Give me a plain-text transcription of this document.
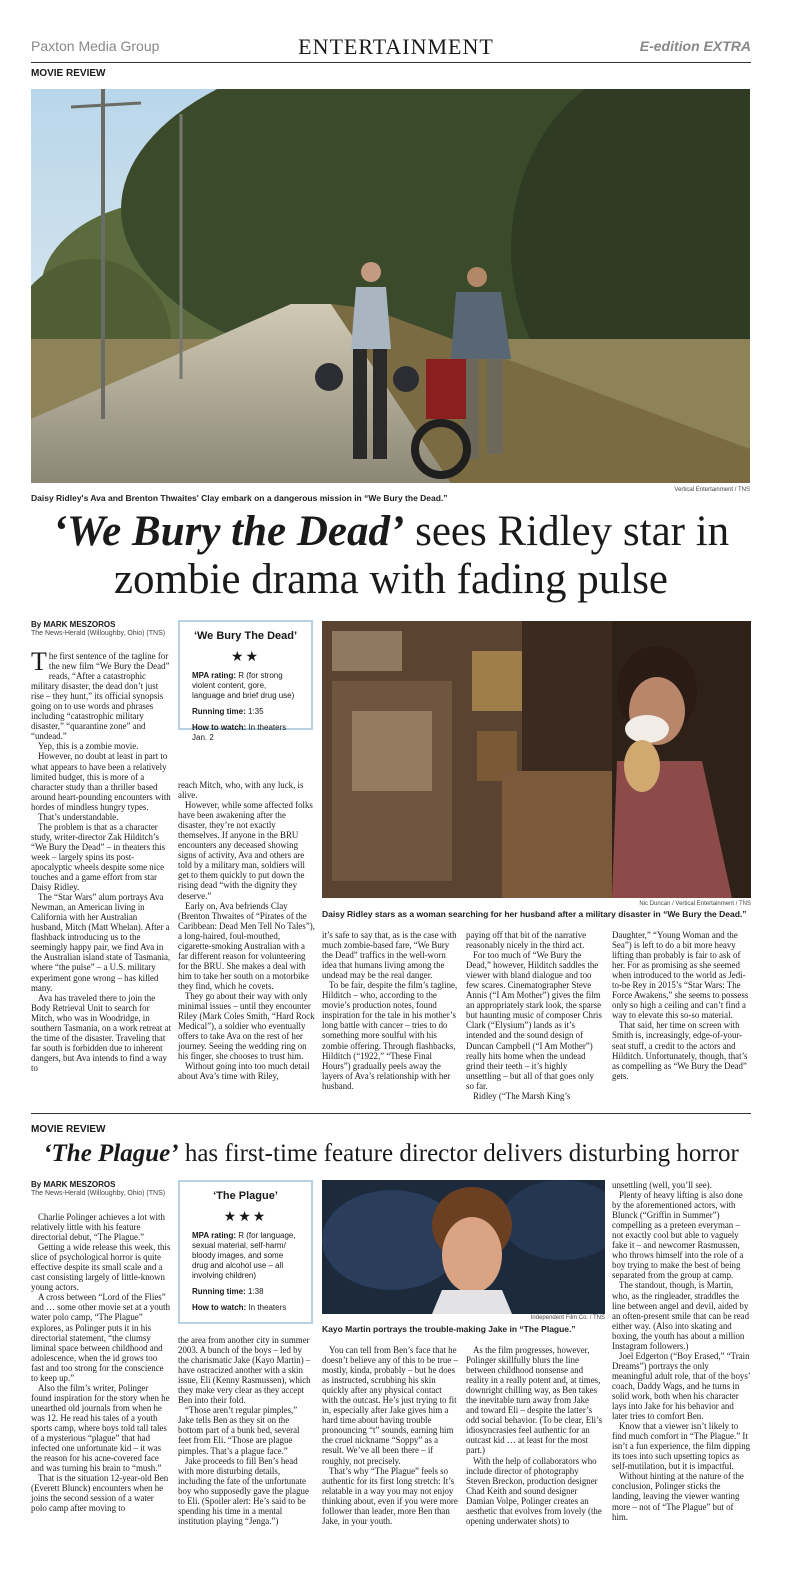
Paxton Media Group	ENTERTAINMENT	E-edition EXTRA
MOVIE REVIEW
Daisy Ridley's Ava and Brenton Thwaites' Clay embark on a dangerous mission in “We Bury the Dead.”
Vertical Entertainment / TNS
‘We Bury the Dead’ sees Ridley star in
zombie drama with fading pulse
By MARK MESZOROS
The News-Herald (Willoughby, Ohio) (TNS)	‘We Bury The Dead’
★★
MPA rating: R (for strong violent content, gore, language and brief drug use)
Running time: 1:35
How to watch: In theaters Jan. 2
Nic Duncan / Vertical Entertainment / TNS
Daisy Ridley stars as a woman searching for her husband after a military disaster in “We Bury the Dead.”

The first sentence of the tagline for the new film “We Bury the Dead” reads, “After a catastrophic military disaster, the dead don’t just rise – they hunt,” its official synopsis going on to use words and phrases including “catastrophic military disaster,” “quarantine zone” and “undead.”

Yep, this is a zombie movie.

However, no doubt at least in part to what appears to have been a relatively limited budget, this is more of a character study than a thriller based around heart-pounding encounters with hordes of mindless hungry types.

That’s understandable.

The problem is that as a character study, writer-director Zak Hilditch’s “We Bury the Dead” – in theaters this week – largely spins its post-apocalyptic wheels despite some nice touches and a game effort from star Daisy Ridley.

The “Star Wars” alum portrays Ava Newman, an American living in California with her Australian husband, Mitch (Matt Whelan). After a flashback introducing us to the seemingly happy pair, we find Ava in the Australian island state of Tasmania, where “the pulse” – a U.S. military experiment gone wrong – has killed many.

Ava has traveled there to join the Body Retrieval Unit to search for Mitch, who was in Woodridge, in southern Tasmania, on a work retreat at the time of the disaster. Traveling that far south is forbidden due to inherent dangers, but Ava intends to find a way to

reach Mitch, who, with any luck, is alive.

However, while some affected folks have been awakening after the disaster, they’re not exactly themselves. If anyone in the BRU encounters any deceased showing signs of activity, Ava and others are told by a military man, soldiers will get to them quickly to put down the rising dead “with the dignity they deserve.”

Early on, Ava befriends Clay (Brenton Thwaites of “Pirates of the Caribbean: Dead Men Tell No Tales”), a long-haired, foul-mouthed, cigarette-smoking Australian with a far different reason for volunteering for the BRU. She makes a deal with him to take her south on a motorbike they find, which he covets.

They go about their way with only minimal issues – until they encounter Riley (Mark Coles Smith, “Hard Rock Medical”), a soldier who eventually offers to take Ava on the rest of her journey. Seeing the wedding ring on his finger, she chooses to trust him.

Without going into too much detail about Ava’s time with Riley,

it’s safe to say that, as is the case with much zombie-based fare, “We Bury the Dead” traffics in the well-worn idea that humans living among the undead may be the real danger.

To be fair, despite the film’s tagline, Hilditch – who, according to the movie’s production notes, found inspiration for the tale in his mother’s long battle with cancer – tries to do something more soulful with his zombie offering. Through flashbacks, Hilditch (“1922,” “These Final Hours”) gradually peels away the layers of Ava’s relationship with her husband.

paying off that bit of the narrative reasonably nicely in the third act.

For too much of “We Bury the Dead,” however, Hilditch saddles the viewer with bland dialogue and too few scares. Cinematographer Steve Annis (“I Am Mother”) gives the film an appropriately stark look, the sparse but haunting music of composer Chris Clark (“Elysium”) lands as it’s intended and the sound design of Duncan Campbell (“I Am Mother”) really hits home when the undead grind their teeth – it’s highly unsettling – but all of that goes only so far.

Ridley (“The Marsh King’s

Daughter,” “Young Woman and the Sea”) is left to do a bit more heavy lifting than probably is fair to ask of her. For as promising as she seemed when introduced to the world as Jedi-to-be Rey in 2015’s “Star Wars: The Force Awakens,” she seems to possess only so high a ceiling and can’t find a way to elevate this so-so material.

That said, her time on screen with Smith is, increasingly, edge-of-your-seat stuff, a credit to the actors and Hilditch. Unfortunately, though, that’s as compelling as “We Bury the Dead” gets.

MOVIE REVIEW
‘The Plague’ has first-time feature director delivers disturbing horror
By MARK MESZOROS
The News-Herald (Willoughby, Ohio) (TNS)	‘The Plague’
★★★
MPA rating: R (for language, sexual material, self-harm/ bloody images, and some drug and alcohol use – all involving children)
Running time: 1:38
How to watch: In theaters
Independent Film Co. / TNS
Kayo Martin portrays the trouble-making Jake in “The Plague.”

Charlie Polinger achieves a lot with relatively little with his feature directorial debut, “The Plague.”

Getting a wide release this week, this slice of psychological horror is quite effective despite its small scale and a cast consisting largely of little-known young actors.

A cross between “Lord of the Flies” and … some other movie set at a youth water polo camp, “The Plague” explores, as Polinger puts it in his directorial statement, “the clumsy liminal space between childhood and adolescence, when the id grows too fast and too strong for the conscience to keep up.”

Also the film’s writer, Polinger found inspiration for the story when he unearthed old journals from when he was 12. He read his tales of a youth sports camp, where boys told tall tales of a mysterious “plague” that had infected one unfortunate kid – it was the reason for his acne-covered face and was turning his brain to “mush.”

That is the situation 12-year-old Ben (Everett Blunck) encounters when he joins the second session of a water polo camp after moving to

the area from another city in summer 2003. A bunch of the boys – led by the charismatic Jake (Kayo Martin) – have ostracized another with a skin issue, Eli (Kenny Rasmussen), which they make very clear as they accept Ben into their fold.

“Those aren’t regular pimples,” Jake tells Ben as they sit on the bottom part of a bunk bed, several feet from Eli. “Those are plague pimples. That’s a plague face.”

Jake proceeds to fill Ben’s head with more disturbing details, including the fate of the unfortunate boy who supposedly gave the plague to Eli. (Spoiler alert: He’s said to be spending his time in a mental institution playing “Jenga.”)

You can tell from Ben’s face that he doesn’t believe any of this to be true – mostly, kinda, probably – but he does as instructed, scrubbing his skin quickly after any physical contact with the outcast. He’s just trying to fit in, especially after Jake gives him a hard time about having trouble pronouncing “t” sounds, earning him the cruel nickname “Soppy” as a result. We’ve all been there – if roughly, not precisely.

That’s why “The Plague” feels so authentic for its first long stretch: It’s relatable in a way you may not enjoy thinking about, even if you were more follower than leader, more Ben than Jake, in your youth.

As the film progresses, however, Polinger skillfully blurs the line between childhood nonsense and reality in a really potent and, at times, downright chilling way, as Ben takes the inevitable turn away from Jake and toward Eli – despite the latter’s odd social behavior. (To be clear, Eli’s idiosyncrasies feel authentic for an outcast kid … at least for the most part.)

With the help of collaborators who include director of photography Steven Breckon, production designer Chad Keith and sound designer Damian Volpe, Polinger creates an aesthetic that evolves from lovely (the opening underwater shots) to

unsettling (well, you’ll see).

Plenty of heavy lifting is also done by the aforementioned actors, with Blunck (“Griffin in Summer”) compelling as a preteen everyman – not exactly cool but able to vaguely fake it – and newcomer Rasmussen, who throws himself into the role of a boy trying to make the best of being separated from the group at camp.

The standout, though, is Martin, who, as the ringleader, straddles the line between angel and devil, aided by an often-present smile that can be read either way. (Also into skating and boxing, the youth has about a million Instagram followers.)

Joel Edgerton (“Boy Erased,” “Train Dreams”) portrays the only meaningful adult role, that of the boys’ coach, Daddy Wags, and he turns in solid work, both when his character lays into Jake for his behavior and later tries to comfort Ben.

Know that a viewer isn’t likely to find much comfort in “The Plague.” It isn’t a fun experience, the film dipping its toes into such upsetting topics as self-mutilation, but it is impactful.

Without hinting at the nature of the conclusion, Polinger sticks the landing, leaving the viewer wanting more – not of “The Plague” but of him.
